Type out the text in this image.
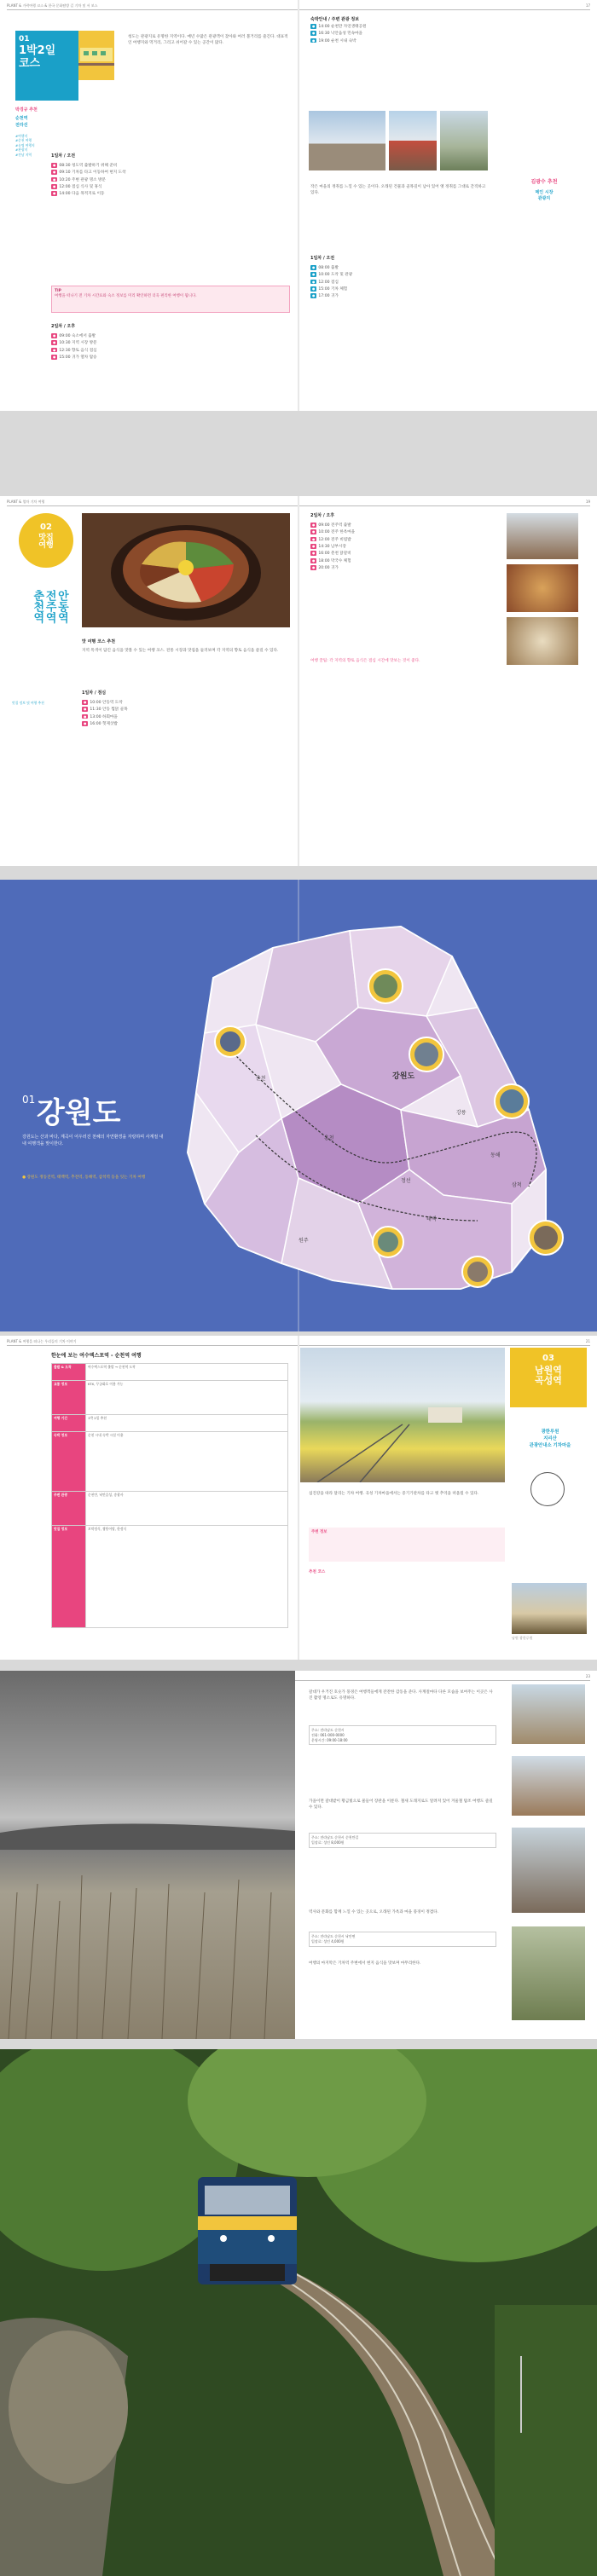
PLANT & 가락여행 코스 & 한국 문화탐방 길 기차 및 서 보스	17
01
1박2일
코스
박경규 추천
순천역
전라선
#여행지
#순천 여행
#유명 여행지
#관광지
#전남 지역
청도는 관광지로 유명한 지역이다. 매년 수많은 관광객이 찾아와 여러 볼거리를 즐긴다. 대표적인 여행지와 먹거리, 그리고 쉬어갈 수 있는 공간이 많다.
1일차 / 오전
● 08:30 청도역 출발하기 위해 준비
● 09:10 기차를 타고 이동하여 현지 도착
● 10:20 주변 관광 명소 방문
● 12:00 점심 식사 및 휴식
● 14:00 다음 목적지로 이동
TIP
여행을 떠나기 전 기차 시간표와 숙소 정보를 미리 확인하면 더욱 편리한 여행이 됩니다.
2일차 / 오후
● 09:00 숙소에서 출발
● 10:30 지역 시장 방문
● 12:30 향토 음식 점심
● 15:00 귀가 열차 탑승
숙박안내 / 주변 관광 정보
● 14:00 순천만 자연생태공원
● 16:30 낙안읍성 민속마을
● 19:00 순천 시내 숙박
작은 마을의 정취를 느낄 수 있는 곳이다. 오래된 건물과 골목길이 남아 있어 옛 정취를 그대로 간직하고 있다.
김광수 추천
메인 시장
관광지
1일차 / 오전
● 08:00 출발
● 10:00 도착 및 관광
● 12:00 점심
● 15:00 기차 체험
● 17:00 귀가
PLANT & 열차 기차 여행	19
02
맛집
여행
안동역
전주역
춘천역
맛 여행 코스 추천
지역 특색이 담긴 음식을 맛볼 수 있는 여행 코스. 전통 시장과 맛집을 둘러보며 각 지역의 향토 음식을 즐길 수 있다.
1일차 / 점심
● 10:00 안동역 도착
● 11:30 안동 찜닭 골목
● 13:00 하회마을
● 16:00 헛제삿밥
맛집 정보 및 여행 추천
2일차 / 오후
● 09:00 전주역 출발
● 10:00 전주 한옥마을
● 12:00 전주 비빔밥
● 14:30 남부시장
● 16:00 춘천 닭갈비
● 18:00 막국수 체험
● 20:00 귀가
여행 꿀팁: 각 지역의 향토 음식은 점심 시간에 맛보는 것이 좋다.
강원도
춘천
강릉
동해
삼척
태백
정선
원주
홍천
01 강원도
강원도는 산과 바다, 계곡이 어우러진 천혜의 자연환경을 자랑하며 사계절 내내 여행객을 맞이한다.
● 강원도 정동진역, 태백역, 추전역, 동해역, 삼척역 등을 잇는 기차 여행
PLANT & 여행을 떠나는 우리들의 기차 이야기	21
한눈에 보는 여수엑스포역 - 순천역 여행
출발 & 도착	여수엑스포역 출발 → 순천역 도착
교통 정보	KTX, 무궁화호 이용 가능
여행 기간	1박 2일 추천
숙박 정보	순천 시내 숙박 시설 이용
주변 관광	순천만, 낙안읍성, 송광사
맛집 정보	꼬막정식, 짱뚱어탕, 한정식
03
남원역
곡성역
광한루원
지리산
관광안내소 기차마을
섬진강을 따라 달리는 기차 여행. 곡성 기차마을에서는 증기기관차를 타고 옛 추억을 떠올릴 수 있다.
주변 정보
추천 코스
남원 광한루원
23
갈대가 우거진 호숫가 풍경은 여행객들에게 잔잔한 감동을 준다. 사계절마다 다른 모습을 보여주는 이곳은 사진 촬영 명소로도 유명하다.
주소: 전라남도 순천시
전화: 061-000-0000
운영시간: 09:00-18:00
가을이면 갈대밭이 황금빛으로 물들어 장관을 이룬다. 철새 도래지로도 알려져 있어 겨울철 탐조 여행도 즐길 수 있다.
주소: 전라남도 순천시 순천만길
입장료: 성인 8,000원
역사와 문화를 함께 느낄 수 있는 곳으로, 오래된 가옥과 마을 풍경이 정겹다.
주소: 전라남도 순천시 낙안면
입장료: 성인 4,000원
여행의 마지막은 기차역 주변에서 현지 음식을 맛보며 마무리한다.
